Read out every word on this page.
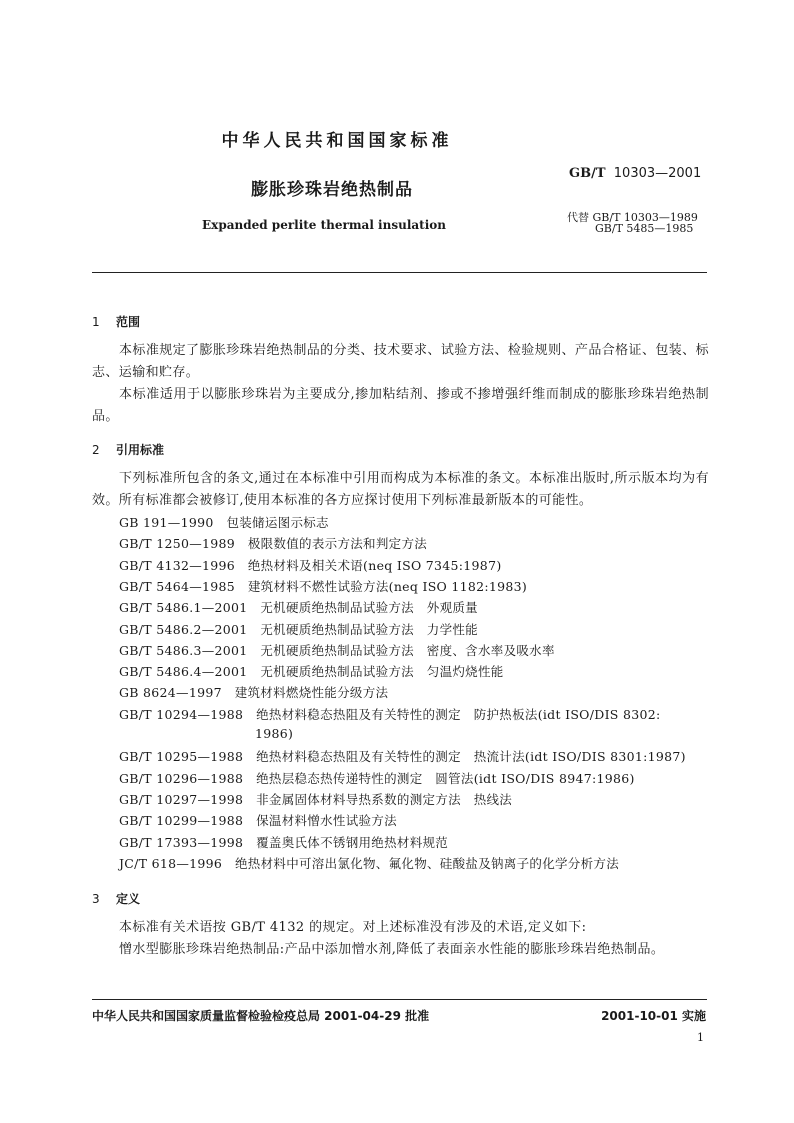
中华人民共和国国家标准
膨胀珍珠岩绝热制品
Expanded perlite thermal insulation
GB/T 10303—2001
代替 GB/T 10303—1989
GB/T 5485—1985
1 范围
本标准规定了膨胀珍珠岩绝热制品的分类、技术要求、试验方法、检验规则、产品合格证、包装、标志、运输和贮存。
本标准适用于以膨胀珍珠岩为主要成分,掺加粘结剂、掺或不掺增强纤维而制成的膨胀珍珠岩绝热制品。
2 引用标准
下列标准所包含的条文,通过在本标准中引用而构成为本标准的条文。本标准出版时,所示版本均为有效。所有标准都会被修订,使用本标准的各方应探讨使用下列标准最新版本的可能性。
GB 191—1990 包装储运图示标志
GB/T 1250—1989 极限数值的表示方法和判定方法
GB/T 4132—1996 绝热材料及相关术语(neq ISO 7345:1987)
GB/T 5464—1985 建筑材料不燃性试验方法(neq ISO 1182:1983)
GB/T 5486.1—2001 无机硬质绝热制品试验方法　外观质量
GB/T 5486.2—2001 无机硬质绝热制品试验方法　力学性能
GB/T 5486.3—2001 无机硬质绝热制品试验方法　密度、含水率及吸水率
GB/T 5486.4—2001 无机硬质绝热制品试验方法　匀温灼烧性能
GB 8624—1997 建筑材料燃烧性能分级方法
GB/T 10294—1988 绝热材料稳态热阻及有关特性的测定　防护热板法(idt ISO/DIS 8302:
1986)
GB/T 10295—1988 绝热材料稳态热阻及有关特性的测定　热流计法(idt ISO/DIS 8301:1987)
GB/T 10296—1988 绝热层稳态热传递特性的测定　圆管法(idt ISO/DIS 8947:1986)
GB/T 10297—1998 非金属固体材料导热系数的测定方法　热线法
GB/T 10299—1988 保温材料憎水性试验方法
GB/T 17393—1998 覆盖奥氏体不锈钢用绝热材料规范
JC/T 618—1996 绝热材料中可溶出氯化物、氟化物、硅酸盐及钠离子的化学分析方法
3 定义
本标准有关术语按 GB/T 4132 的规定。对上述标准没有涉及的术语,定义如下:
憎水型膨胀珍珠岩绝热制品:产品中添加憎水剂,降低了表面亲水性能的膨胀珍珠岩绝热制品。
中华人民共和国国家质量监督检验检疫总局 2001-04-29 批准	2001-10-01 实施
1
